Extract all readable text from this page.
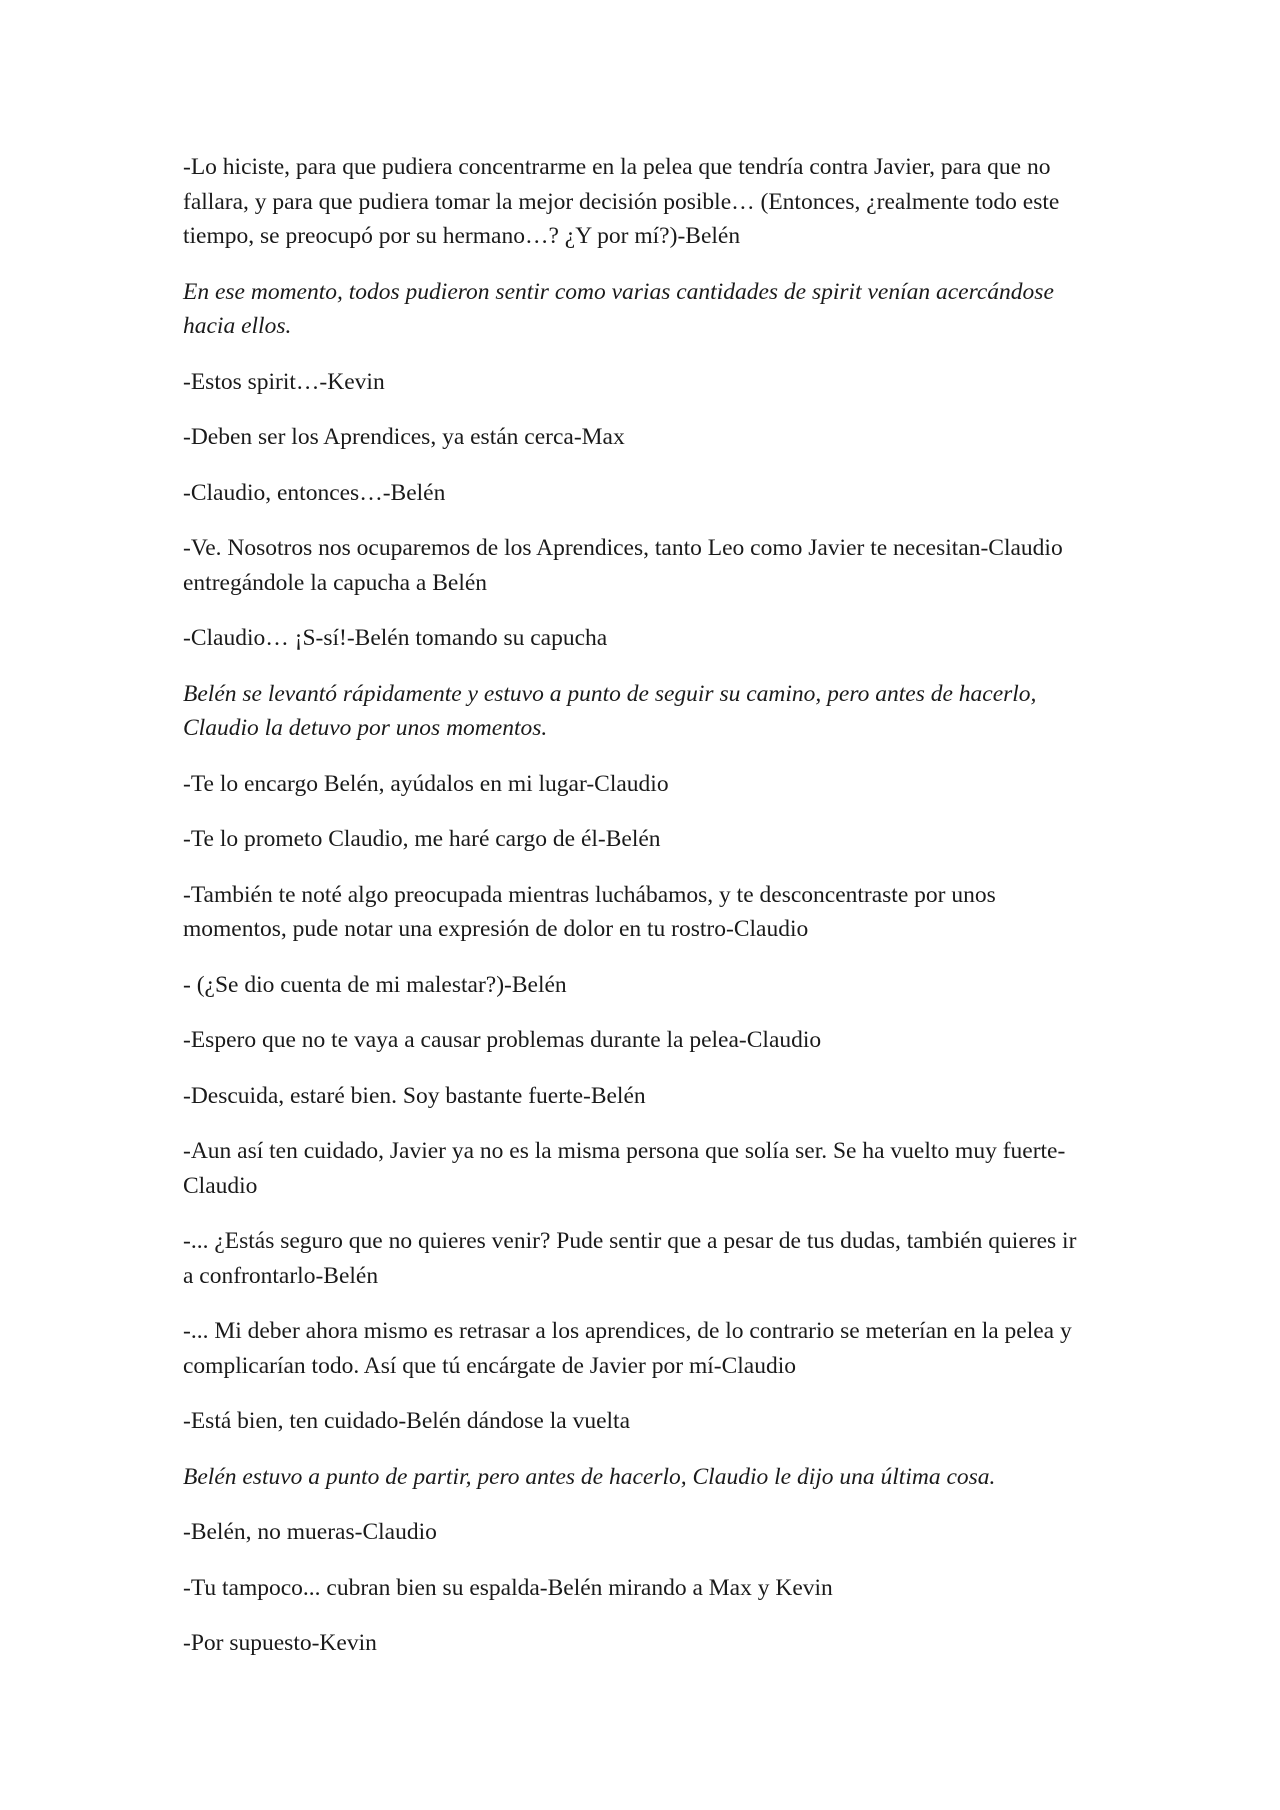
-Lo hiciste, para que pudiera concentrarme en la pelea que tendría contra Javier, para que no fallara, y para que pudiera tomar la mejor decisión posible… (Entonces, ¿realmente todo este tiempo, se preocupó por su hermano…? ¿Y por mí?)-Belén

En ese momento, todos pudieron sentir como varias cantidades de spirit venían acercándose hacia ellos.

-Estos spirit…-Kevin

-Deben ser los Aprendices, ya están cerca-Max

-Claudio, entonces…-Belén

-Ve. Nosotros nos ocuparemos de los Aprendices, tanto Leo como Javier te necesitan-Claudio entregándole la capucha a Belén

-Claudio… ¡S-sí!-Belén tomando su capucha

Belén se levantó rápidamente y estuvo a punto de seguir su camino, pero antes de hacerlo, Claudio la detuvo por unos momentos.

-Te lo encargo Belén, ayúdalos en mi lugar-Claudio

-Te lo prometo Claudio, me haré cargo de él-Belén

-También te noté algo preocupada mientras luchábamos, y te desconcentraste por unos momentos, pude notar una expresión de dolor en tu rostro-Claudio

- (¿Se dio cuenta de mi malestar?)-Belén

-Espero que no te vaya a causar problemas durante la pelea-Claudio

-Descuida, estaré bien. Soy bastante fuerte-Belén

-Aun así ten cuidado, Javier ya no es la misma persona que solía ser. Se ha vuelto muy fuerte-Claudio

-... ¿Estás seguro que no quieres venir? Pude sentir que a pesar de tus dudas, también quieres ir a confrontarlo-Belén

-... Mi deber ahora mismo es retrasar a los aprendices, de lo contrario se meterían en la pelea y complicarían todo. Así que tú encárgate de Javier por mí-Claudio

-Está bien, ten cuidado-Belén dándose la vuelta

Belén estuvo a punto de partir, pero antes de hacerlo, Claudio le dijo una última cosa.

-Belén, no mueras-Claudio

-Tu tampoco... cubran bien su espalda-Belén mirando a Max y Kevin

-Por supuesto-Kevin
